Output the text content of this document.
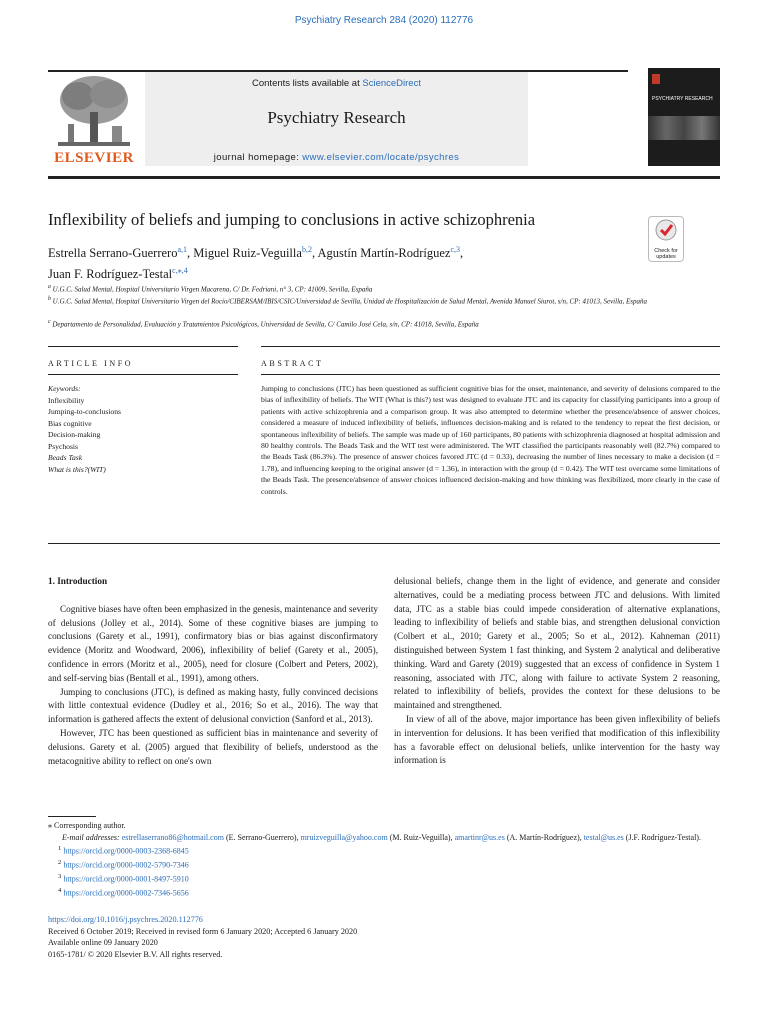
Psychiatry Research 284 (2020) 112776
ELSEVIER
Contents lists available at ScienceDirect
Psychiatry Research
journal homepage: www.elsevier.com/locate/psychres
PSYCHIATRY RESEARCH
Inflexibility of beliefs and jumping to conclusions in active schizophrenia
Check for updates
Estrella Serrano-Guerrero$^{a,1}$, Miguel Ruiz-Veguilla$^{b,2}$, Agustín Martín-Rodríguez$^{c,3}$,
Juan F. Rodríguez-Testal$^{c,⁎,4}$
$^a$ U.G.C. Salud Mental, Hospital Universitario Virgen Macarena, C/ Dr. Fedriani, n° 3, CP: 41009, Sevilla, España
$^b$ U.G.C. Salud Mental, Hospital Universitario Virgen del Rocío/CIBERSAM/IBIS/CSIC/Universidad de Sevilla, Unidad de Hospitalización de Salud Mental, Avenida Manuel Siurot, s/n, CP: 41013, Sevilla, España
$^c$ Departamento de Personalidad, Evaluación y Tratamientos Psicológicos, Universidad de Sevilla, C/ Camilo José Cela, s/n, CP: 41018, Sevilla, España
ARTICLE INFO	ABSTRACT
Keywords:
Inflexibility
Jumping-to-conclusions
Bias cognitive
Decision-making
Psychosis
Beads Task
What is this?(WIT)
Jumping to conclusions (JTC) has been questioned as sufficient cognitive bias for the onset, maintenance, and severity of delusions compared to the bias of inflexibility of beliefs. The WIT (What is this?) test was designed to evaluate JTC and its capacity for classifying participants into a group of patients with active schizophrenia and a comparison group. It was also attempted to determine whether the presence/absence of answer choices, considered a measure of induced inflexibility of beliefs, influences decision-making and is related to the tendency to repeat the first decision, or spontaneous inflexibility of beliefs. The sample was made up of 160 participants, 80 patients with schizophrenia diagnosed at hospital admission and 80 healthy controls. The Beads Task and the WIT test were administered. The WIT classified the participants reasonably well (82.7%) compared to the Beads Task (86.3%). The presence of answer choices favored JTC (d = 0.33), decreasing the number of lines necessary to make a decision (d = 1.78), and influencing keeping to the original answer (d = 1.36), in interaction with the group (d = 0.42). The WIT test overcame some limitations of the Beads Task. The presence/absence of answer choices influenced decision-making and how thinking was flexibilized, more clearly in the case of controls.
1. Introduction

Cognitive biases have often been emphasized in the genesis, maintenance and severity of delusions (Jolley et al., 2014). Some of these cognitive biases are jumping to conclusions (Garety et al., 1991), confirmatory bias or bias against disconfirmatory evidence (Moritz and Woodward, 2006), inflexibility of belief (Garety et al., 2005), confidence in errors (Moritz et al., 2005), need for closure (Colbert and Peters, 2002), and self-serving bias (Bentall et al., 1991), among others.

Jumping to conclusions (JTC), is defined as making hasty, fully convinced decisions with little contextual evidence (Dudley et al., 2016; So et al., 2016). The way that information is gathered affects the extent of delusional conviction (Sanford et al., 2013).

However, JTC has been questioned as sufficient bias in maintenance and severity of delusions. Garety et al. (2005) argued that flexibility of beliefs, understood as the metacognitive ability to reflect on one's own

delusional beliefs, change them in the light of evidence, and generate and consider alternatives, could be a mediating process between JTC and delusions. With limited data, JTC as a stable bias could impede consideration of alternative explanations, leading to inflexibility of beliefs and stable bias, and strengthen delusional conviction (Colbert et al., 2010; Garety et al., 2005; So et al., 2012). Kahneman (2011) distinguished between System 1 fast thinking, and System 2 analytical and deliberative thinking. Ward and Garety (2019) suggested that an excess of confidence in System 1 reasoning, associated with JTC, along with failure to activate System 2 reasoning, related to inflexibility of beliefs, provides the context for these delusions to be maintained and strengthened.

In view of all of the above, major importance has been given inflexibility of beliefs in intervention for delusions. It has been verified that modification of this inflexibility has a favorable effect on delusional beliefs, unlike intervention for the hasty way information is

⁎ Corresponding author.
E-mail addresses: estrellaserrano86@hotmail.com (E. Serrano-Guerrero), mruizveguilla@yahoo.com (M. Ruiz-Veguilla), amartinr@us.es (A. Martín-Rodríguez), testal@us.es (J.F. Rodríguez-Testal).
$^1$ https://orcid.org/0000-0003-2368-6845
$^2$ https://orcid.org/0000-0002-5790-7346
$^3$ https://orcid.org/0000-0001-8497-5910
$^4$ https://orcid.org/0000-0002-7346-5656
https://doi.org/10.1016/j.psychres.2020.112776
Received 6 October 2019; Received in revised form 6 January 2020; Accepted 6 January 2020
Available online 09 January 2020
0165-1781/ © 2020 Elsevier B.V. All rights reserved.
